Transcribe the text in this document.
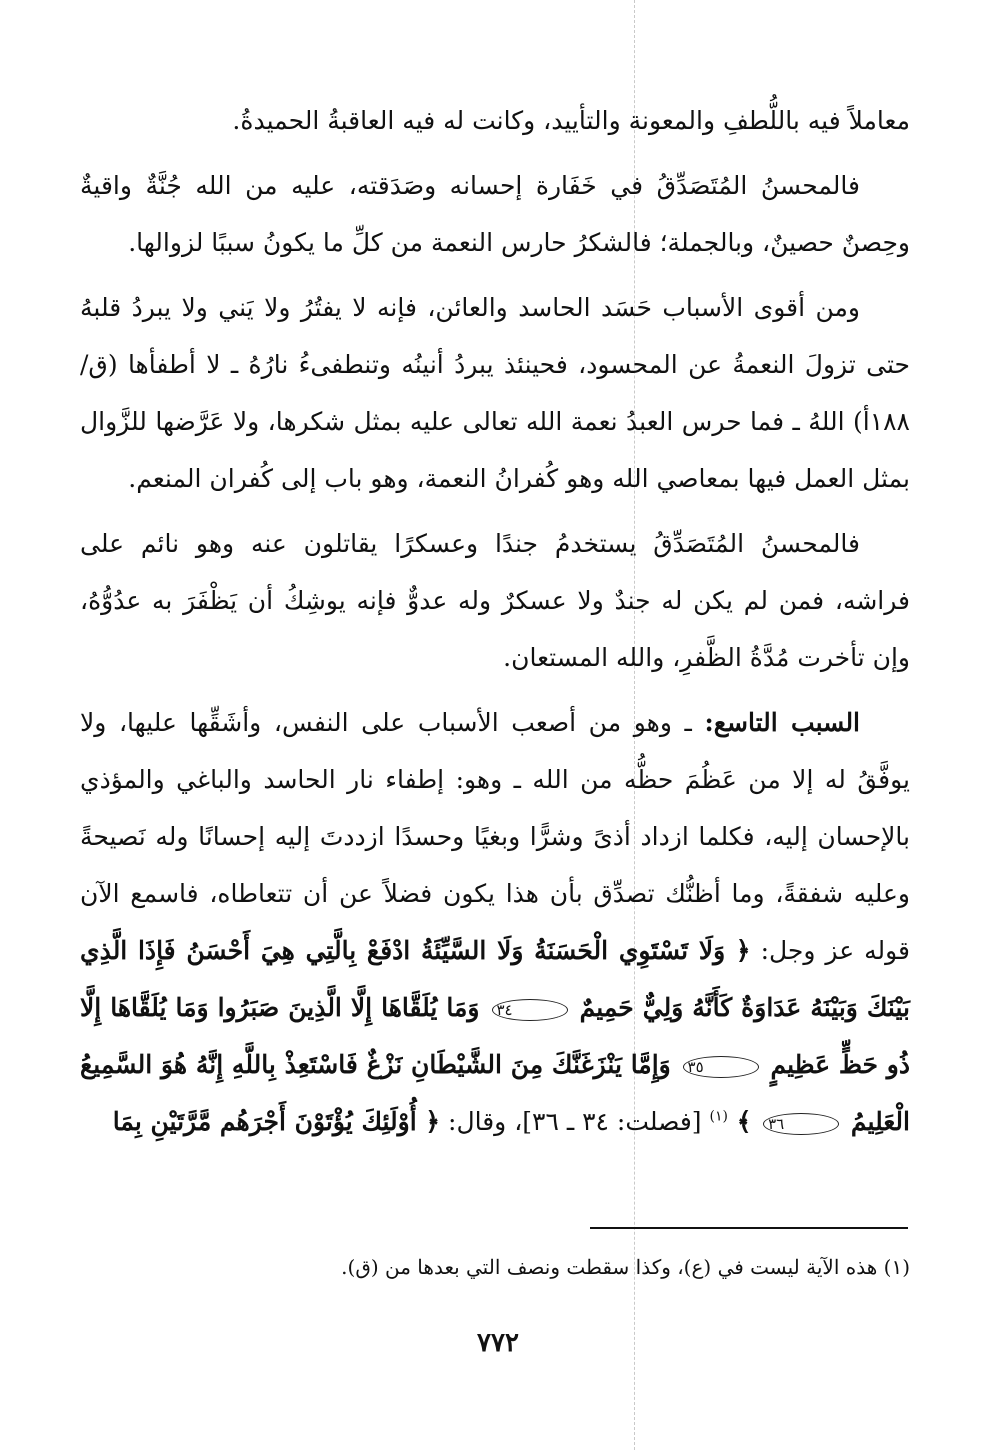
معاملاً فيه باللُّطفِ والمعونة والتأييد، وكانت له فيه العاقبةُ الحميدةُ.

فالمحسنُ المُتَصَدِّقُ في خَفَارة إحسانه وصَدَقته، عليه من الله جُنَّةٌ واقيةٌ وحِصنٌ حصينٌ، وبالجملة؛ فالشكرُ حارس النعمة من كلِّ ما يكونُ سببًا لزوالها.

ومن أقوى الأسباب حَسَد الحاسد والعائن، فإنه لا يفتُرُ ولا يَني ولا يبردُ قلبهُ حتى تزولَ النعمةُ عن المحسود، فحينئذ يبردُ أنينُه وتنطفىءُ نارُهُ ـ لا أطفأها (ق/١٨٨أ) اللهُ ـ فما حرس العبدُ نعمة الله تعالى عليه بمثل شكرها، ولا عَرَّضها للزَّوال بمثل العمل فيها بمعاصي الله وهو كُفرانُ النعمة، وهو باب إلى كُفران المنعم.

فالمحسنُ المُتَصَدِّقُ يستخدمُ جندًا وعسكرًا يقاتلون عنه وهو نائم على فراشه، فمن لم يكن له جندٌ ولا عسكرٌ وله عدوٌّ فإنه يوشِكُ أن يَظْفَرَ به عدُوُّهُ، وإن تأخرت مُدَّةُ الظَّفرِ، والله المستعان.

السبب التاسع: ـ وهو من أصعب الأسباب على النفس، وأشَقِّها عليها، ولا يوفَّقُ له إلا من عَظُمَ حظُّه من الله ـ وهو: إطفاء نار الحاسد والباغي والمؤذي بالإحسان إليه، فكلما ازداد أذىً وشرًّا وبغيًا وحسدًا ازددتَ إليه إحسانًا وله نَصيحةً وعليه شفقةً، وما أظنُّك تصدِّق بأن هذا يكون فضلاً عن أن تتعاطاه، فاسمع الآن قوله عز وجل: ﴿ وَلَا تَسْتَوِي الْحَسَنَةُ وَلَا السَّيِّئَةُ ادْفَعْ بِالَّتِي هِيَ أَحْسَنُ فَإِذَا الَّذِي بَيْنَكَ وَبَيْنَهُ عَدَاوَةٌ كَأَنَّهُ وَلِيٌّ حَمِيمٌ ٣٤ وَمَا يُلَقَّاهَا إِلَّا الَّذِينَ صَبَرُوا وَمَا يُلَقَّاهَا إِلَّا ذُو حَظٍّ عَظِيمٍ ٣٥ وَإِمَّا يَنْزَغَنَّكَ مِنَ الشَّيْطَانِ نَزْغٌ فَاسْتَعِذْ بِاللَّهِ إِنَّهُ هُوَ السَّمِيعُ الْعَلِيمُ ٣٦ ﴾ $^{(١)}$ [فصلت: ٣٤ ـ ٣٦]، وقال: ﴿ أُوْلَئِكَ يُؤْتَوْنَ أَجْرَهُم مَّرَّتَيْنِ بِمَا

(١) هذه الآية ليست في (ع)، وكذا سقطت ونصف التي بعدها من (ق).
٧٧٢
